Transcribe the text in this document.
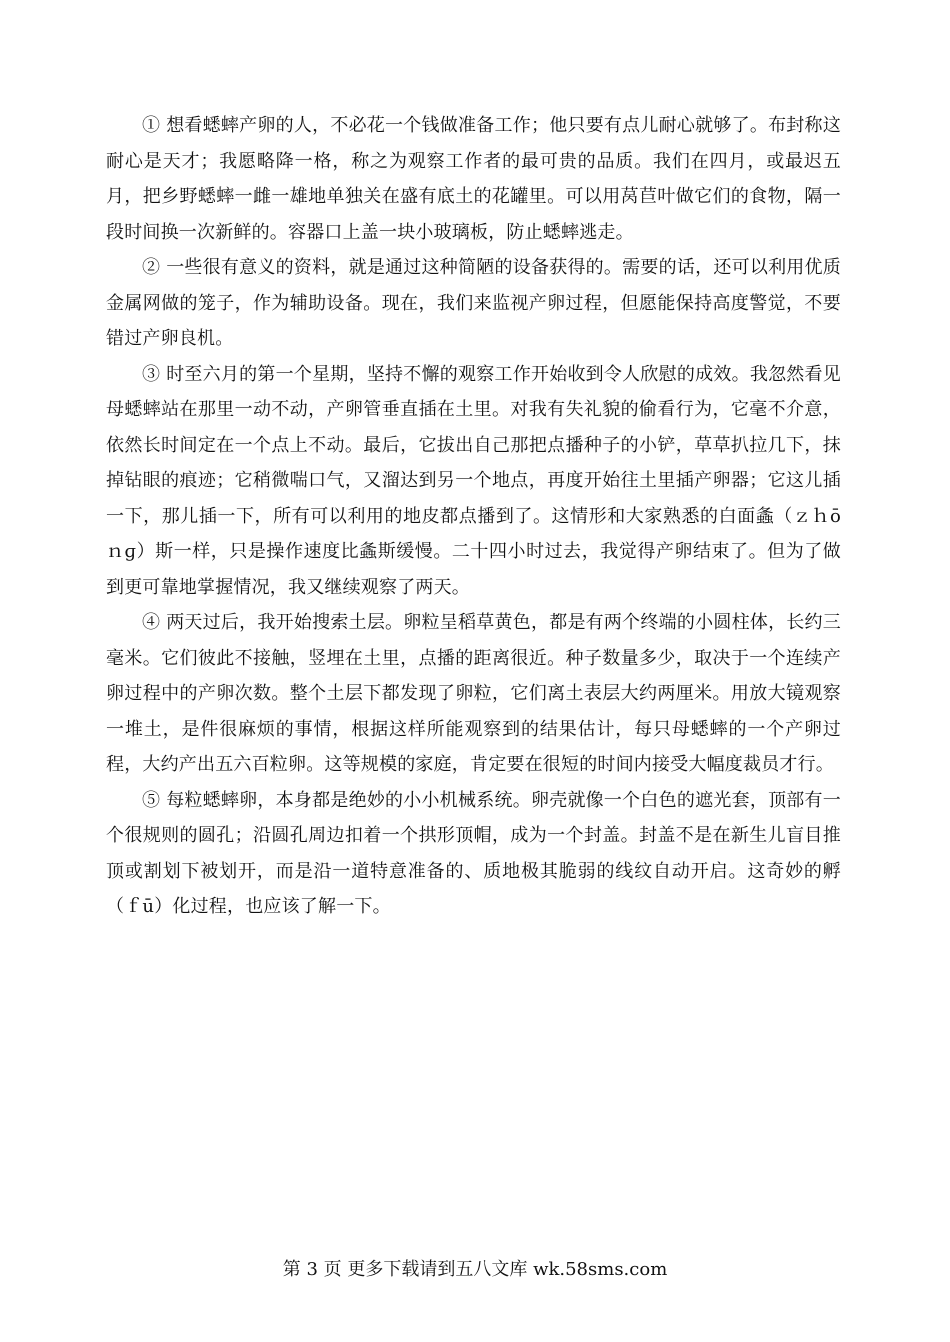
① 想看蟋蟀产卵的人，不必花一个钱做准备工作；他只要有点儿耐心就够了。布封称这耐心是天才；我愿略降一格，称之为观察工作者的最可贵的品质。我们在四月，或最迟五月，把乡野蟋蟀一雌一雄地单独关在盛有底土的花罐里。可以用莴苣叶做它们的食物，隔一段时间换一次新鲜的。容器口上盖一块小玻璃板，防止蟋蟀逃走。

② 一些很有意义的资料，就是通过这种简陋的设备获得的。需要的话，还可以利用优质金属网做的笼子，作为辅助设备。现在，我们来监视产卵过程，但愿能保持高度警觉，不要错过产卵良机。

③ 时至六月的第一个星期，坚持不懈的观察工作开始收到令人欣慰的成效。我忽然看见母蟋蟀站在那里一动不动，产卵管垂直插在土里。对我有失礼貌的偷看行为，它毫不介意，依然长时间定在一个点上不动。最后，它拔出自己那把点播种子的小铲，草草扒拉几下，抹掉钻眼的痕迹；它稍微喘口气，又溜达到另一个地点，再度开始往土里插产卵器；它这儿插一下，那儿插一下，所有可以利用的地皮都点播到了。这情形和大家熟悉的白面螽（ｚｈōｎɡ）斯一样，只是操作速度比螽斯缓慢。二十四小时过去，我觉得产卵结束了。但为了做到更可靠地掌握情况，我又继续观察了两天。

④ 两天过后，我开始搜索土层。卵粒呈稻草黄色，都是有两个终端的小圆柱体，长约三毫米。它们彼此不接触，竖埋在土里，点播的距离很近。种子数量多少，取决于一个连续产卵过程中的产卵次数。整个土层下都发现了卵粒，它们离土表层大约两厘米。用放大镜观察一堆土，是件很麻烦的事情，根据这样所能观察到的结果估计，每只母蟋蟀的一个产卵过程，大约产出五六百粒卵。这等规模的家庭，肯定要在很短的时间内接受大幅度裁员才行。

⑤ 每粒蟋蟀卵，本身都是绝妙的小小机械系统。卵壳就像一个白色的遮光套，顶部有一个很规则的圆孔；沿圆孔周边扣着一个拱形顶帽，成为一个封盖。封盖不是在新生儿盲目推顶或割划下被划开，而是沿一道特意准备的、质地极其脆弱的线纹自动开启。这奇妙的孵（ｆū）化过程，也应该了解一下。

第 3 页 更多下载请到五八文库 wk.58sms.com
